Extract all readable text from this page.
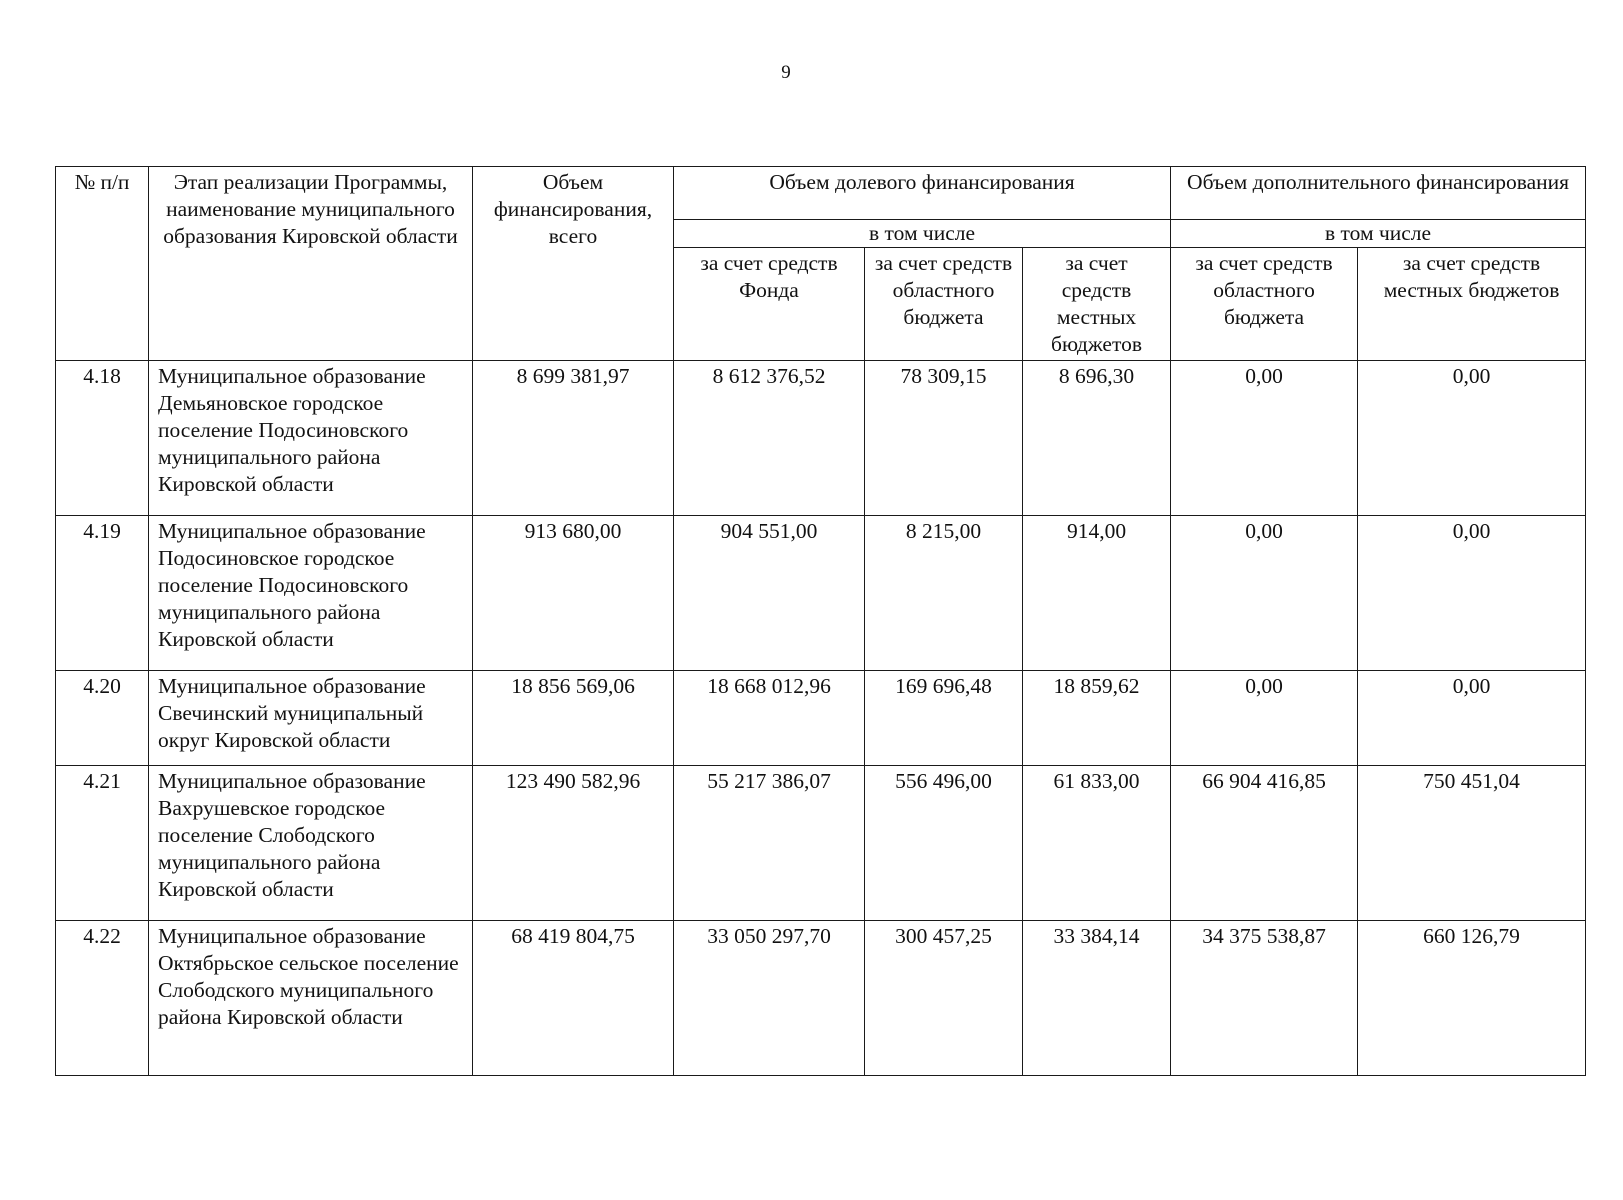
9
№ п/п	Этап реализации Программы, наименование муниципального образования Кировской области	Объем финансирования, всего	Объем долевого финансирования			Объем дополнительного финансирования	
			в том числе			в том числе	
			за счет средств Фонда	за счет средств областного бюджета	за счет средств местных бюджетов	за счет средств областного бюджета	за счет средств местных бюджетов
4.18	Муниципальное образование Демьяновское городское поселение Подосиновского муниципального района Кировской области	8 699 381,97	8 612 376,52	78 309,15	8 696,30	0,00	0,00
4.19	Муниципальное образование Подосиновское городское поселение Подосиновского муниципального района Кировской области	913 680,00	904 551,00	8 215,00	914,00	0,00	0,00
4.20	Муниципальное образование Свечинский муниципальный округ Кировской области	18 856 569,06	18 668 012,96	169 696,48	18 859,62	0,00	0,00
4.21	Муниципальное образование Вахрушевское городское поселение Слободского муниципального района Кировской области	123 490 582,96	55 217 386,07	556 496,00	61 833,00	66 904 416,85	750 451,04
4.22	Муниципальное образование Октябрьское сельское поселение Слободского муниципального района Кировской области	68 419 804,75	33 050 297,70	300 457,25	33 384,14	34 375 538,87	660 126,79
